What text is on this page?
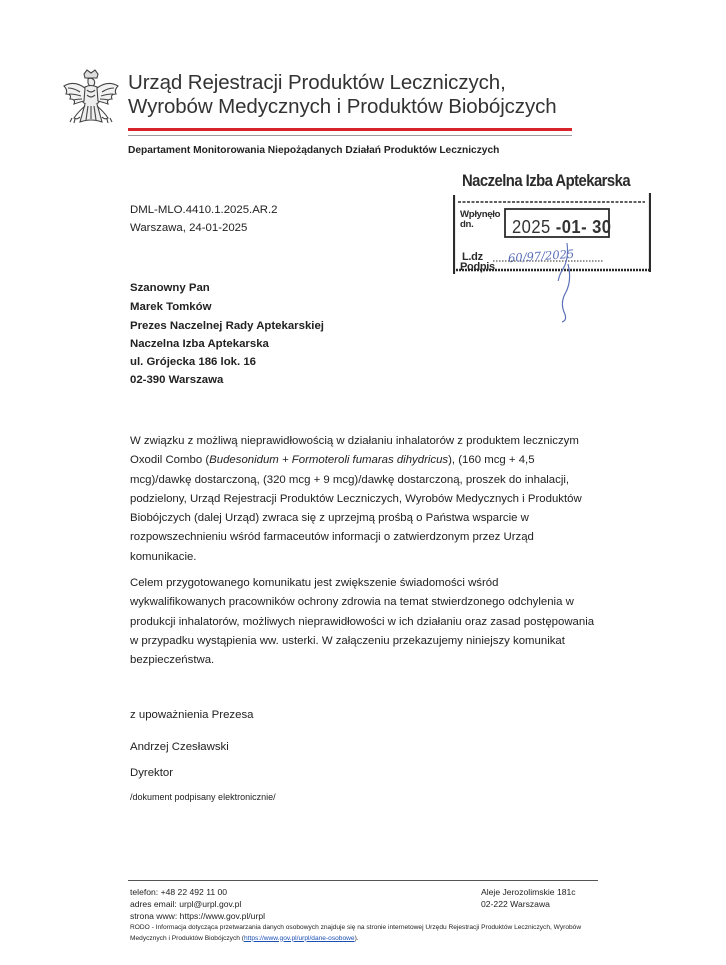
Urząd Rejestracji Produktów Leczniczych,
Wyrobów Medycznych i Produktów Biobójczych
Departament Monitorowania Niepożądanych Działań Produktów Leczniczych
Naczelna Izba Aptekarska
Wpłynęło
dn.	2025 -01- 30
L.dz
Podpis
60/97/2025
DML-MLO.4410.1.2025.AR.2
Warszawa, 24-01-2025
Szanowny Pan
Marek Tomków
Prezes Naczelnej Rady Aptekarskiej
Naczelna Izba Aptekarska
ul. Grójecka 186 lok. 16
02-390 Warszawa

W związku z możliwą nieprawidłowością w działaniu inhalatorów z produktem leczniczym Oxodil Combo (Budesonidum + Formoteroli fumaras dihydricus), (160 mcg + 4,5 mcg)/dawkę dostarczoną, (320 mcg + 9 mcg)/dawkę dostarczoną, proszek do inhalacji, podzielony, Urząd Rejestracji Produktów Leczniczych, Wyrobów Medycznych i Produktów Biobójczych (dalej Urząd) zwraca się z uprzejmą prośbą o Państwa wsparcie w rozpowszechnieniu wśród farmaceutów informacji o zatwierdzonym przez Urząd komunikacie.

Celem przygotowanego komunikatu jest zwiększenie świadomości wśród wykwalifikowanych pracowników ochrony zdrowia na temat stwierdzonego odchylenia w produkcji inhalatorów, możliwych nieprawidłowości w ich działaniu oraz zasad postępowania w przypadku wystąpienia ww. usterki. W załączeniu przekazujemy niniejszy komunikat bezpieczeństwa.

z upoważnienia Prezesa
Andrzej Czesławski
Dyrektor
/dokument podpisany elektronicznie/
telefon: +48 22 492 11 00
adres email: urpl@urpl.gov.pl
strona www: https://www.gov.pl/urpl
Aleje Jerozolimskie 181c
02-222 Warszawa
RODO - Informacja dotycząca przetwarzania danych osobowych znajduje się na stronie internetowej Urzędu Rejestracji Produktów Leczniczych, Wyrobów Medycznych i Produktów Biobójczych (https://www.gov.pl/urpl/dane-osobowe).
